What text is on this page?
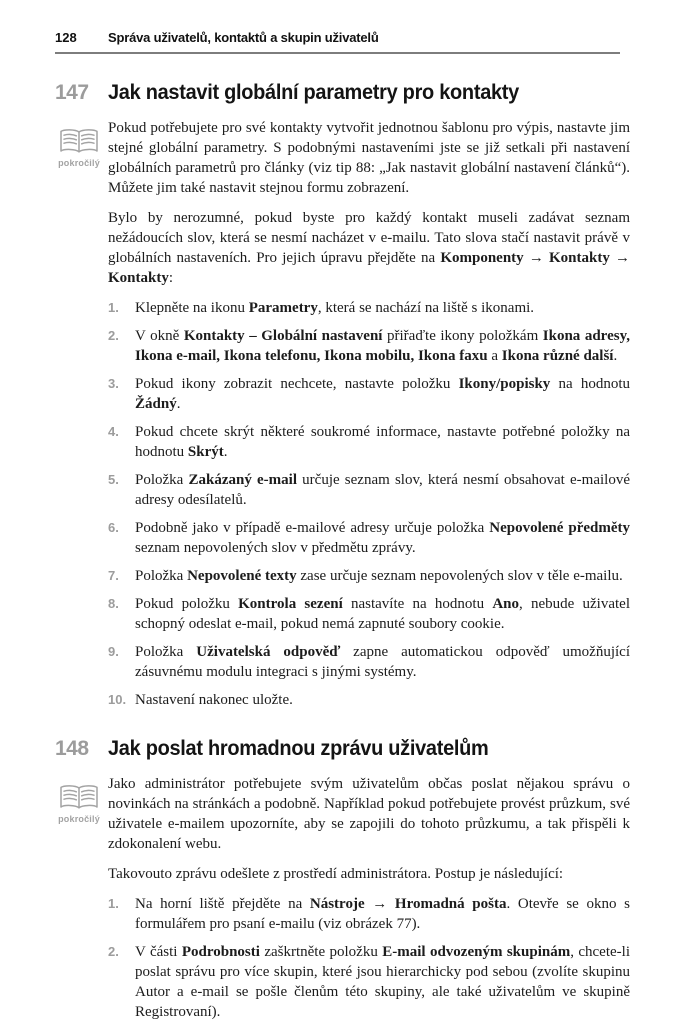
128	Správa uživatelů, kontaktů a skupin uživatelů
147 Jak nastavit globální parametry pro kontakty
pokročilý

Pokud potřebujete pro své kontakty vytvořit jednotnou šablonu pro výpis, nastavte jim stejné globální parametry. S podobnými nastaveními jste se již setkali při nastavení globálních parametrů pro články (viz tip 88: „Jak nastavit globální nastavení článků“). Můžete jim také nastavit stejnou formu zobrazení.

Bylo by nerozumné, pokud byste pro každý kontakt museli zadávat seznam nežádoucích slov, která se nesmí nacházet v e-mailu. Tato slova stačí nastavit právě v globálních nastaveních. Pro jejich úpravu přejděte na Komponenty → Kontakty → Kontakty:

1.	Klepněte na ikonu Parametry, která se nachází na liště s ikonami.
2.	V okně Kontakty – Globální nastavení přiřaďte ikony položkám Ikona adresy, Ikona e-mail, Ikona telefonu, Ikona mobilu, Ikona faxu a Ikona různé další.
3.	Pokud ikony zobrazit nechcete, nastavte položku Ikony/popisky na hodnotu Žádný.
4.	Pokud chcete skrýt některé soukromé informace, nastavte potřebné položky na hodnotu Skrýt.
5.	Položka Zakázaný e-mail určuje seznam slov, která nesmí obsahovat e-mailové adresy odesílatelů.
6.	Podobně jako v případě e-mailové adresy určuje položka Nepovolené předměty seznam nepovolených slov v předmětu zprávy.
7.	Položka Nepovolené texty zase určuje seznam nepovolených slov v těle e-mailu.
8.	Pokud položku Kontrola sezení nastavíte na hodnotu Ano, nebude uživatel schopný odeslat e-mail, pokud nemá zapnuté soubory cookie.
9.	Položka Uživatelská odpověď zapne automatickou odpověď umožňující zásuvnému modulu integraci s jinými systémy.
10. Nastavení nakonec uložte.
148 Jak poslat hromadnou zprávu uživatelům
pokročilý

Jako administrátor potřebujete svým uživatelům občas poslat nějakou správu o novinkách na stránkách a podobně. Například pokud potřebujete provést průzkum, své uživatele e-mailem upozorníte, aby se zapojili do tohoto průzkumu, a tak přispěli k zdokonalení webu.

Takovouto zprávu odešlete z prostředí administrátora. Postup je následující:

1.	Na horní liště přejděte na Nástroje → Hromadná pošta. Otevře se okno s formulářem pro psaní e-mailu (viz obrázek 77).
2.	V části Podrobnosti zaškrtněte položku E-mail odvozeným skupinám, chcete-li poslat správu pro více skupin, které jsou hierarchicky pod sebou (zvolíte skupinu Autor a e-mail se pošle členům této skupiny, ale také uživatelům ve skupině Registrovaní).
